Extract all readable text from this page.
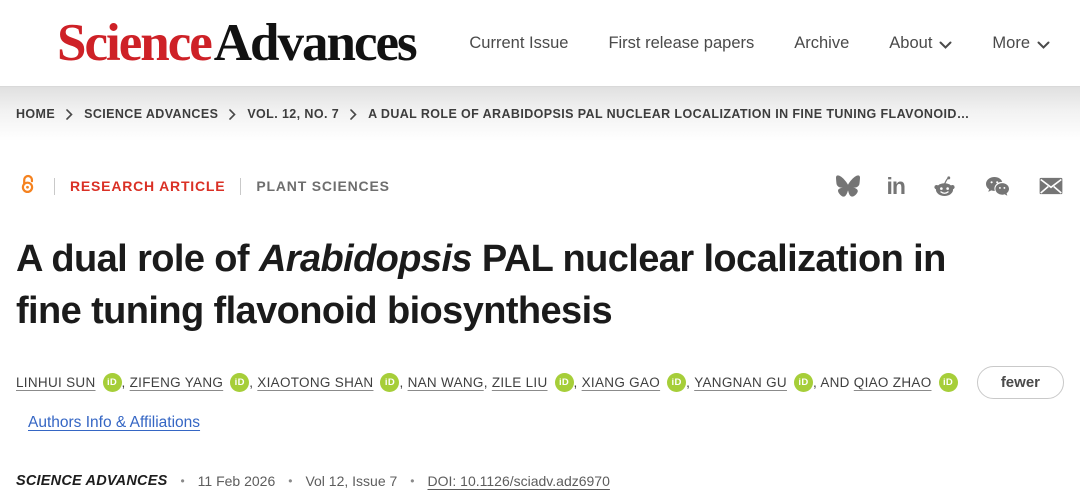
ScienceAdvances	Current Issue First release papers Archive About	More
HOME SCIENCE ADVANCES VOL. 12, NO. 7 A DUAL ROLE OF ARABIDOPSIS PAL NUCLEAR LOCALIZATION IN FINE TUNING FLAVONOID…
RESEARCH ARTICLE PLANT SCIENCES	in
A dual role of Arabidopsis PAL nuclear localization in
fine tuning flavonoid biosynthesis
LINHUI SUN	iD , ZIFENG YANG	iD , XIAOTONG SHAN	iD , NAN WANG , ZILE LIU	iD , XIANG GAO	iD , YANGNAN GU	iD , AND QIAO ZHAO	iD	fewer
Authors Info & Affiliations
SCIENCE ADVANCES • 11 Feb 2026 • Vol 12, Issue 7 • DOI: 10.1126/sciadv.adz6970
